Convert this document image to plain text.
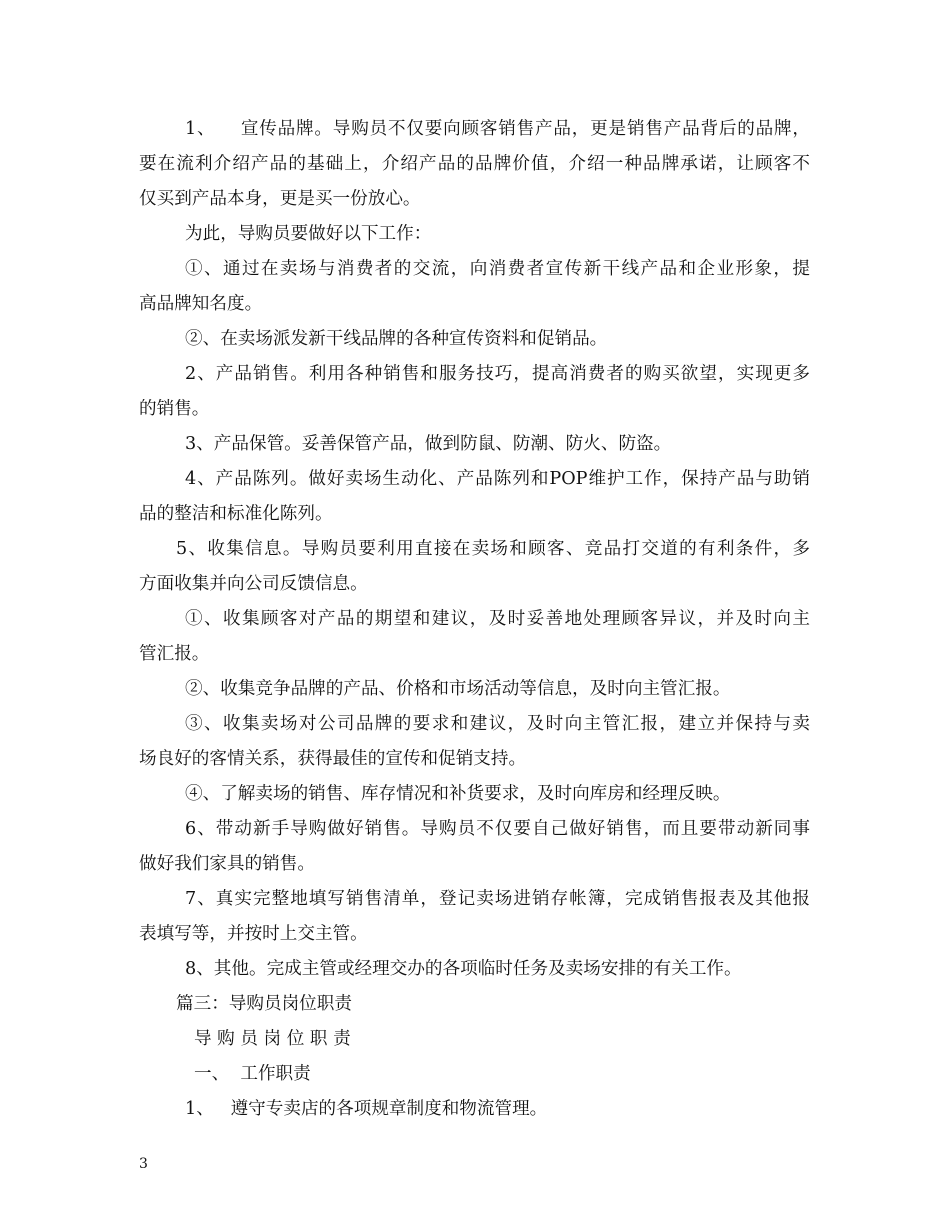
1、    宣传品牌。导购员不仅要向顾客销售产品，更是销售产品背后的品牌，
要在流利介绍产品的基础上，介绍产品的品牌价值，介绍一种品牌承诺，让顾客不
仅买到产品本身，更是买一份放心。
为此，导购员要做好以下工作：
①、通过在卖场与消费者的交流，向消费者宣传新干线产品和企业形象，提
高品牌知名度。
②、在卖场派发新干线品牌的各种宣传资料和促销品。
2、产品销售。利用各种销售和服务技巧，提高消费者的购买欲望，实现更多
的销售。
3、产品保管。妥善保管产品，做到防鼠、防潮、防火、防盗。
4、产品陈列。做好卖场生动化、产品陈列和POP维护工作，保持产品与助销
品的整洁和标准化陈列。
5、收集信息。导购员要利用直接在卖场和顾客、竞品打交道的有利条件，多
方面收集并向公司反馈信息。
①、收集顾客对产品的期望和建议，及时妥善地处理顾客异议，并及时向主
管汇报。
②、收集竞争品牌的产品、价格和市场活动等信息，及时向主管汇报。
③、收集卖场对公司品牌的要求和建议，及时向主管汇报，建立并保持与卖
场良好的客情关系，获得最佳的宣传和促销支持。
④、了解卖场的销售、库存情况和补货要求，及时向库房和经理反映。
6、带动新手导购做好销售。导购员不仅要自己做好销售，而且要带动新同事
做好我们家具的销售。
7、真实完整地填写销售清单，登记卖场进销存帐簿，完成销售报表及其他报
表填写等，并按时上交主管。
8、其他。完成主管或经理交办的各项临时任务及卖场安排的有关工作。
篇三：导购员岗位职责
导 购 员 岗 位 职 责
一、  工作职责
1、   遵守专卖店的各项规章制度和物流管理。
3
